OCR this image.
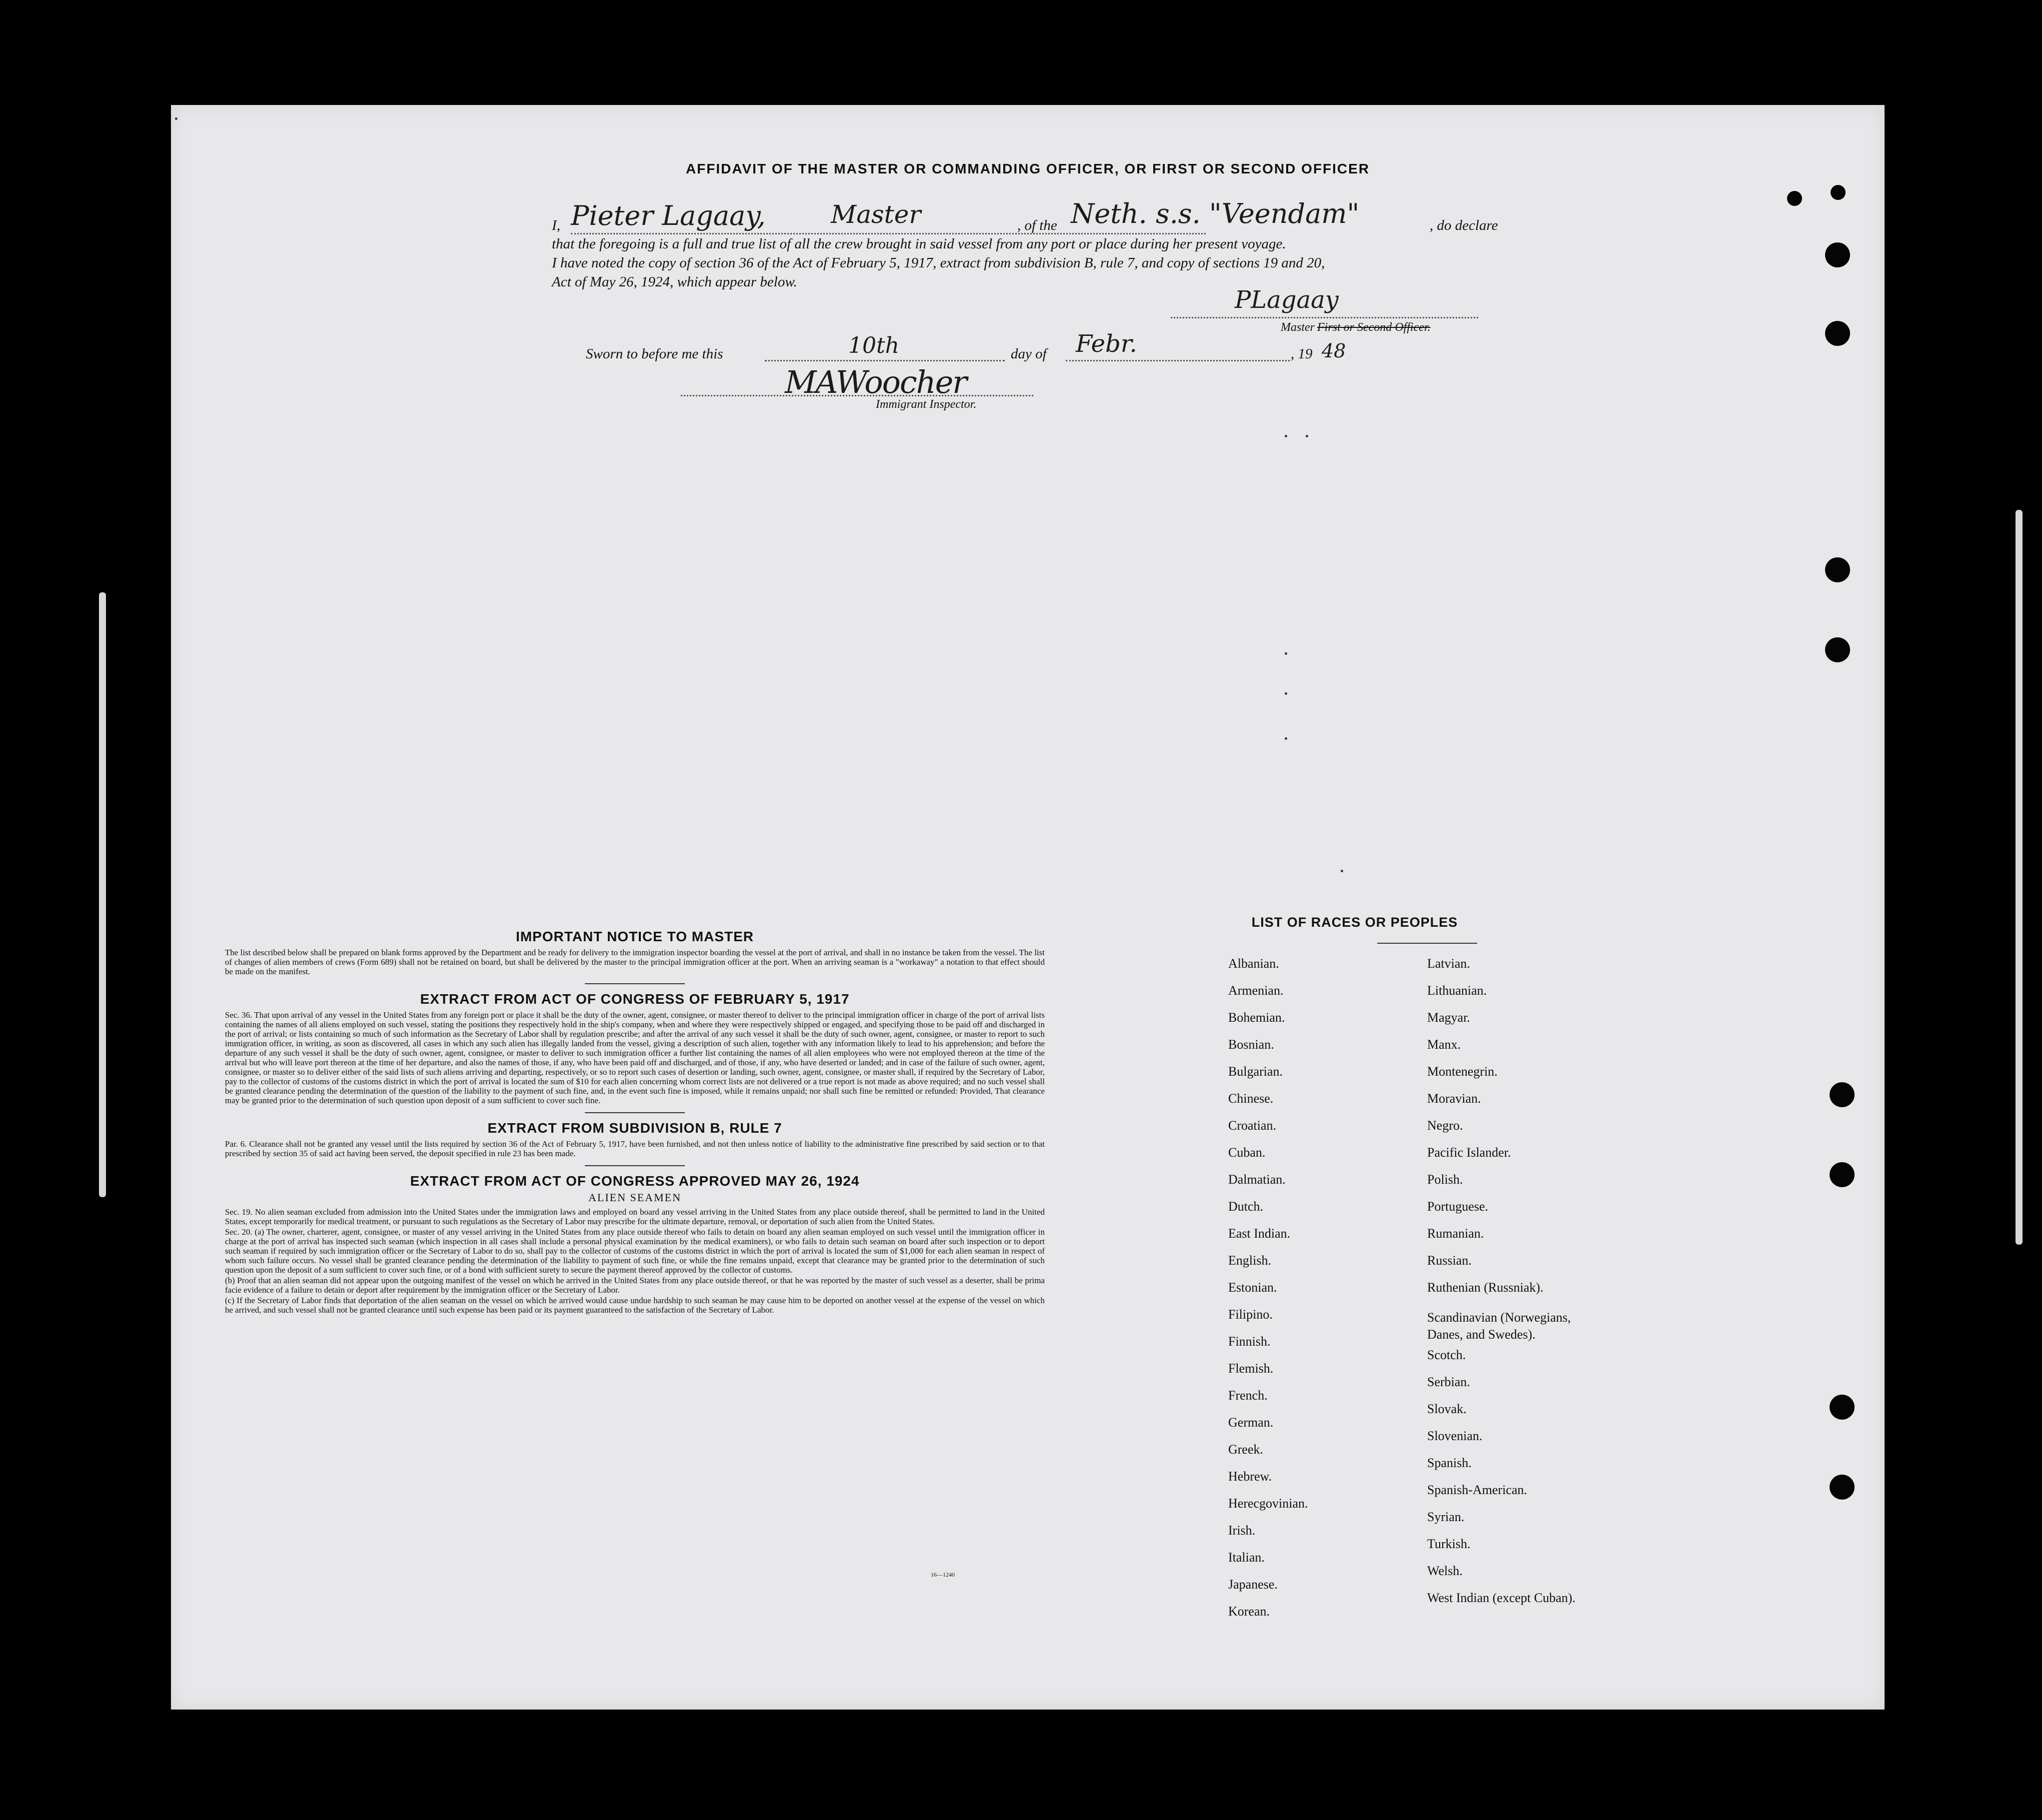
AFFIDAVIT OF THE MASTER OR COMMANDING OFFICER, OR FIRST OR SECOND OFFICER
I, Pieter Lagaay,	Master	, of the Neth. s.s. "Veendam"	, do declare
that the foregoing is a full and true list of all the crew brought in said vessel from any port or place during her present voyage.
I have noted the copy of section 36 of the Act of February 5, 1917, extract from subdivision B, rule 7, and copy of sections 19 and 20,
Act of May 26, 1924, which appear below.
PLagaay
Master First or Second Officer.
Sworn to before me this	10th	day of Febr.	, 19 48
MAWoocher
Immigrant Inspector.

IMPORTANT NOTICE TO MASTER

The list described below shall be prepared on blank forms approved by the Department and be ready for delivery to the immigration inspector boarding the vessel at the port of arrival, and shall in no instance be taken from the vessel. The list of changes of alien members of crews (Form 689) shall not be retained on board, but shall be delivered by the master to the principal immigration officer at the port. When an arriving seaman is a "workaway" a notation to that effect should be made on the manifest.

EXTRACT FROM ACT OF CONGRESS OF FEBRUARY 5, 1917

Sec. 36. That upon arrival of any vessel in the United States from any foreign port or place it shall be the duty of the owner, agent, consignee, or master thereof to deliver to the principal immigration officer in charge of the port of arrival lists containing the names of all aliens employed on such vessel, stating the positions they respectively hold in the ship's company, when and where they were respectively shipped or engaged, and specifying those to be paid off and discharged in the port of arrival; or lists containing so much of such information as the Secretary of Labor shall by regulation prescribe; and after the arrival of any such vessel it shall be the duty of such owner, agent, consignee, or master to report to such immigration officer, in writing, as soon as discovered, all cases in which any such alien has illegally landed from the vessel, giving a description of such alien, together with any information likely to lead to his apprehension; and before the departure of any such vessel it shall be the duty of such owner, agent, consignee, or master to deliver to such immigration officer a further list containing the names of all alien employees who were not employed thereon at the time of the arrival but who will leave port thereon at the time of her departure, and also the names of those, if any, who have been paid off and discharged, and of those, if any, who have deserted or landed; and in case of the failure of such owner, agent, consignee, or master so to deliver either of the said lists of such aliens arriving and departing, respectively, or so to report such cases of desertion or landing, such owner, agent, consignee, or master shall, if required by the Secretary of Labor, pay to the collector of customs of the customs district in which the port of arrival is located the sum of $10 for each alien concerning whom correct lists are not delivered or a true report is not made as above required; and no such vessel shall be granted clearance pending the determination of the question of the liability to the payment of such fine, and, in the event such fine is imposed, while it remains unpaid; nor shall such fine be remitted or refunded: Provided, That clearance may be granted prior to the determination of such question upon deposit of a sum sufficient to cover such fine.

EXTRACT FROM SUBDIVISION B, RULE 7

Par. 6. Clearance shall not be granted any vessel until the lists required by section 36 of the Act of February 5, 1917, have been furnished, and not then unless notice of liability to the administrative fine prescribed by said section or to that prescribed by section 35 of said act having been served, the deposit specified in rule 23 has been made.

EXTRACT FROM ACT OF CONGRESS APPROVED MAY 26, 1924

ALIEN SEAMEN

Sec. 19. No alien seaman excluded from admission into the United States under the immigration laws and employed on board any vessel arriving in the United States from any place outside thereof, shall be permitted to land in the United States, except temporarily for medical treatment, or pursuant to such regulations as the Secretary of Labor may prescribe for the ultimate departure, removal, or deportation of such alien from the United States.

Sec. 20. (a) The owner, charterer, agent, consignee, or master of any vessel arriving in the United States from any place outside thereof who fails to detain on board any alien seaman employed on such vessel until the immigration officer in charge at the port of arrival has inspected such seaman (which inspection in all cases shall include a personal physical examination by the medical examiners), or who fails to detain such seaman on board after such inspection or to deport such seaman if required by such immigration officer or the Secretary of Labor to do so, shall pay to the collector of customs of the customs district in which the port of arrival is located the sum of $1,000 for each alien seaman in respect of whom such failure occurs. No vessel shall be granted clearance pending the determination of the liability to payment of such fine, or while the fine remains unpaid, except that clearance may be granted prior to the determination of such question upon the deposit of a sum sufficient to cover such fine, or of a bond with sufficient surety to secure the payment thereof approved by the collector of customs.

(b) Proof that an alien seaman did not appear upon the outgoing manifest of the vessel on which he arrived in the United States from any place outside thereof, or that he was reported by the master of such vessel as a deserter, shall be prima facie evidence of a failure to detain or deport after requirement by the immigration officer or the Secretary of Labor.

(c) If the Secretary of Labor finds that deportation of the alien seaman on the vessel on which he arrived would cause undue hardship to such seaman he may cause him to be deported on another vessel at the expense of the vessel on which he arrived, and such vessel shall not be granted clearance until such expense has been paid or its payment guaranteed to the satisfaction of the Secretary of Labor.

16—1240
LIST OF RACES OR PEOPLES
Albanian.
Armenian.
Bohemian.
Bosnian.
Bulgarian.
Chinese.
Croatian.
Cuban.
Dalmatian.
Dutch.
East Indian.
English.
Estonian.
Filipino.
Finnish.
Flemish.
French.
German.
Greek.
Hebrew.
Herecgovinian.
Irish.
Italian.
Japanese.
Korean.
Latvian.
Lithuanian.
Magyar.
Manx.
Montenegrin.
Moravian.
Negro.
Pacific Islander.
Polish.
Portuguese.
Rumanian.
Russian.
Ruthenian (Russniak).
Scandinavian (Norwegians, Danes, and Swedes).
Scotch.
Serbian.
Slovak.
Slovenian.
Spanish.
Spanish-American.
Syrian.
Turkish.
Welsh.
West Indian (except Cuban).
